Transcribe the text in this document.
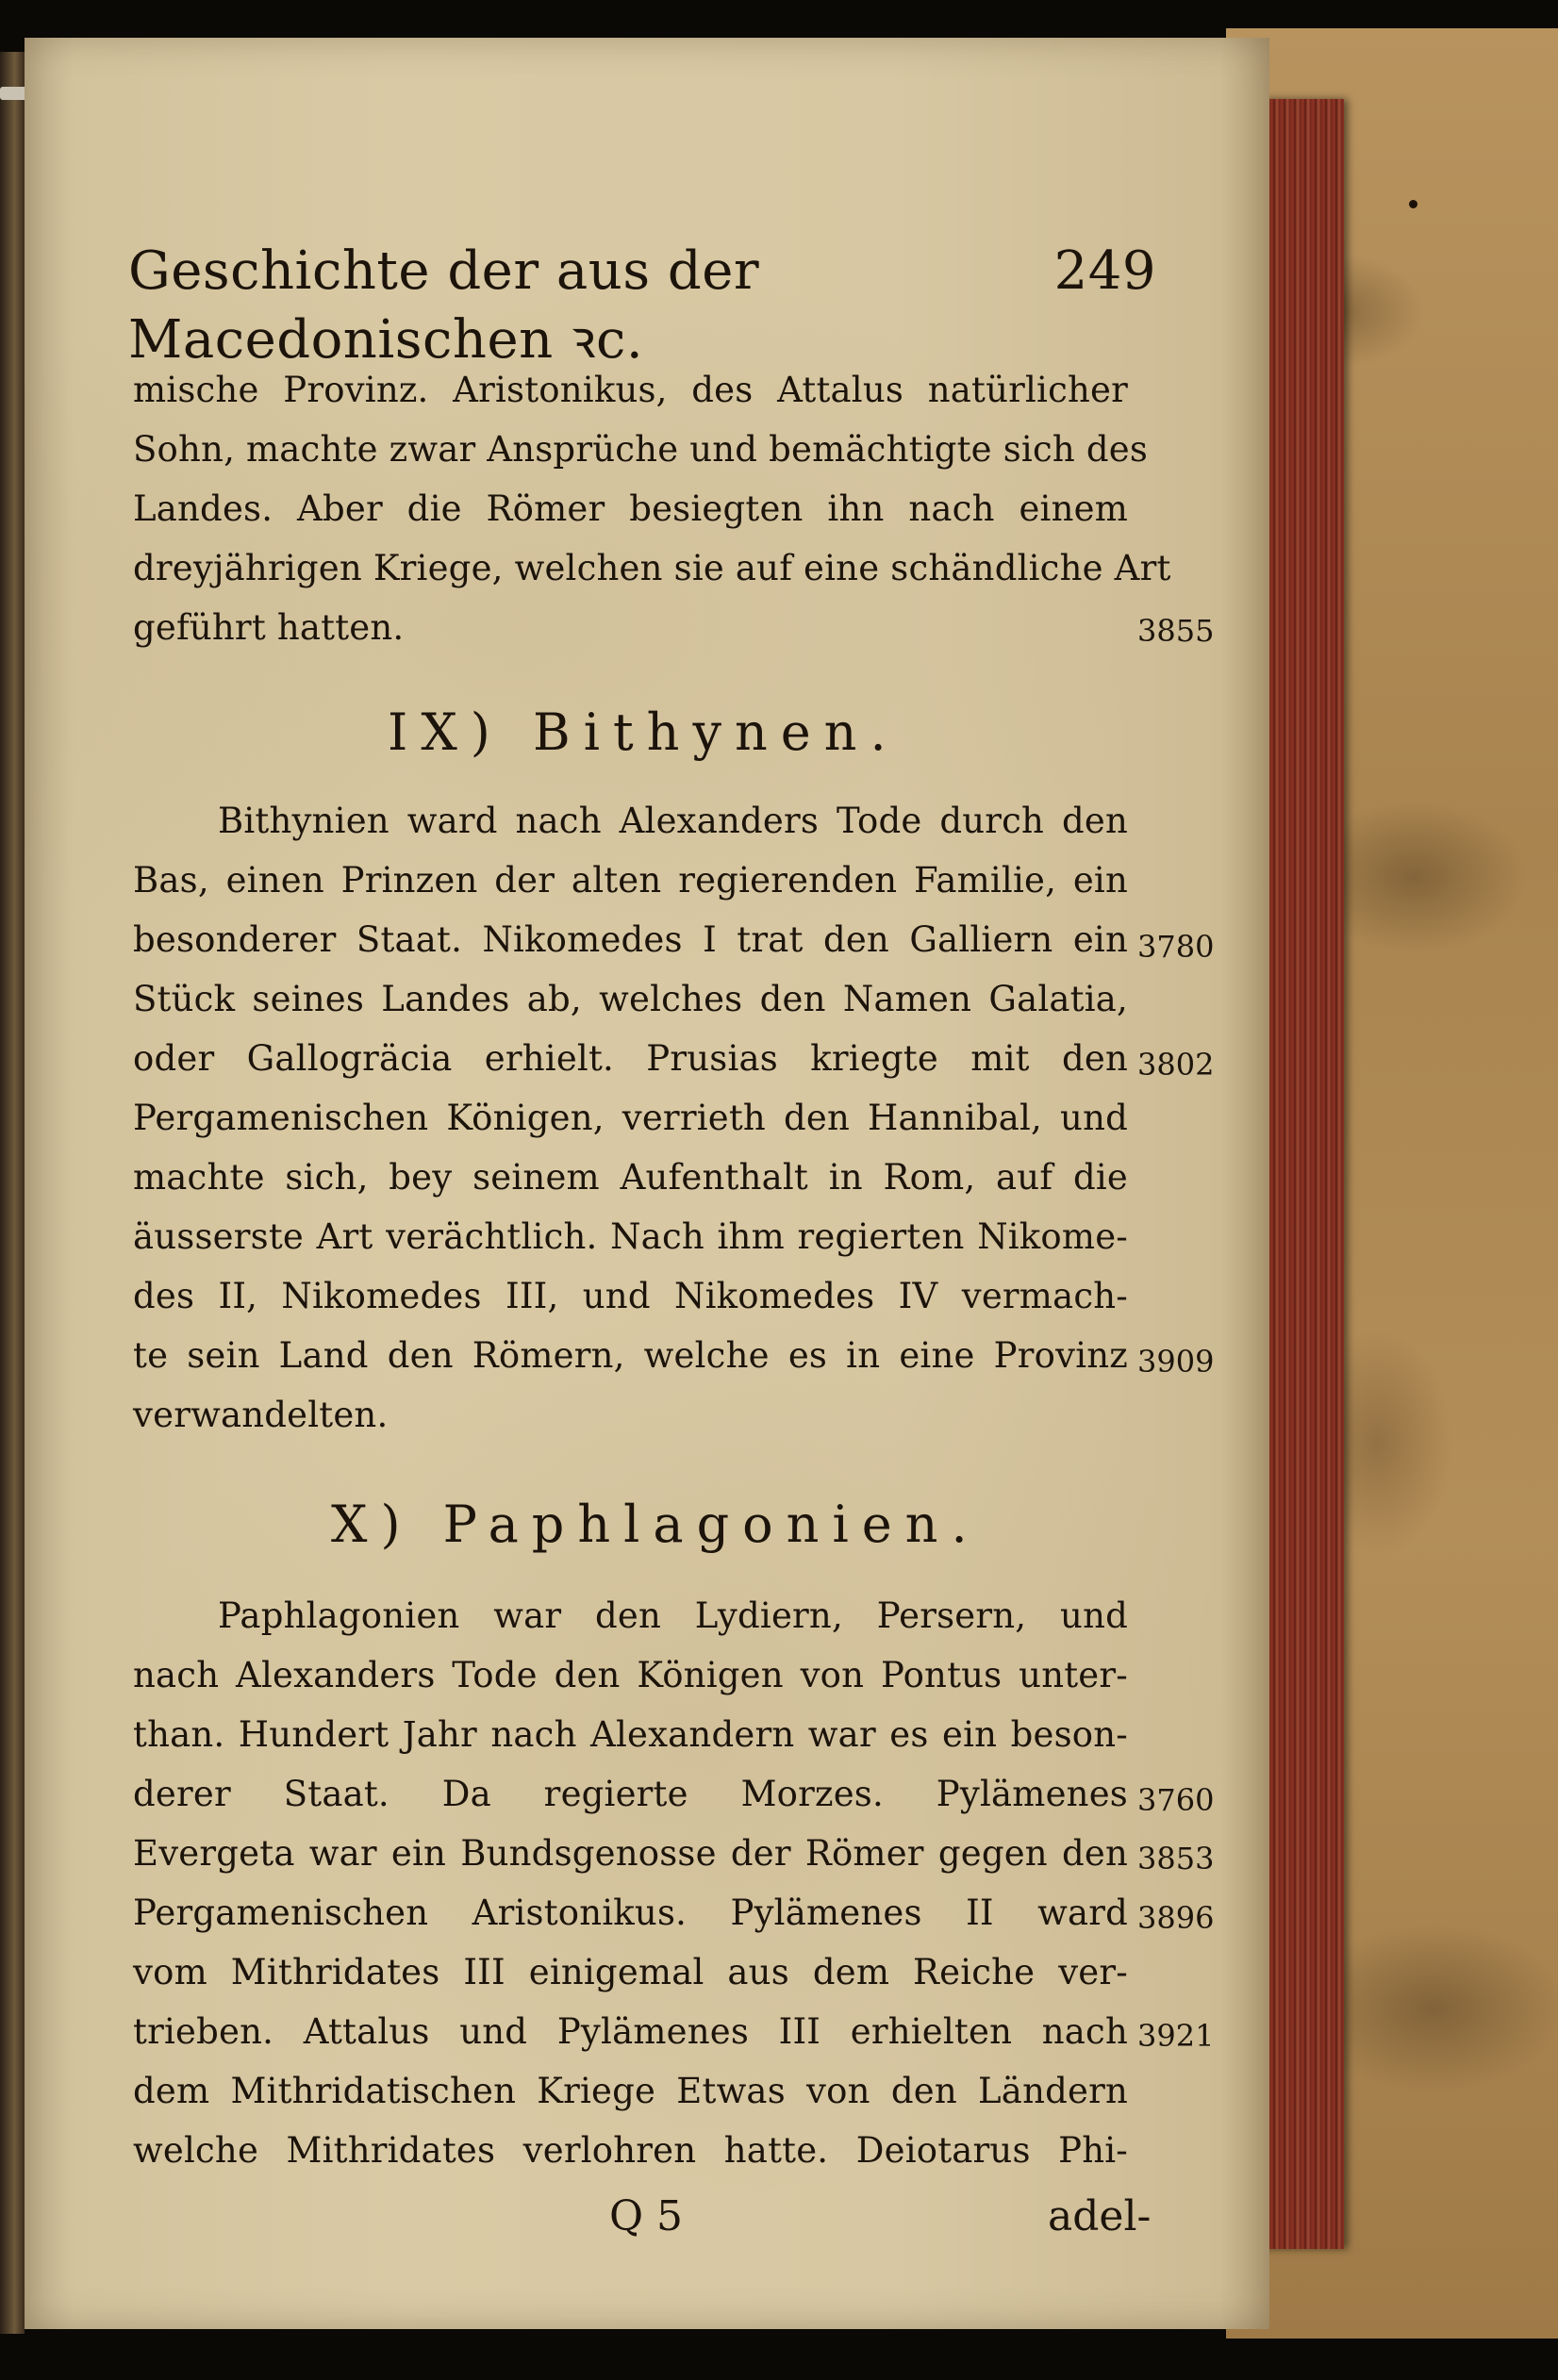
Geschichte der aus der Macedonischen ꝛc.
249
mische Provinz. Aristonikus, des Attalus natürlicher
Sohn, machte zwar Ansprüche und bemächtigte sich des
Landes. Aber die Römer besiegten ihn nach einem
dreyjährigen Kriege, welchen sie auf eine schändliche Art
geführt hatten.	3855
IX) Bithynen.
Bithynien ward nach Alexanders Tode durch den
Bas, einen Prinzen der alten regierenden Familie, ein
besonderer Staat. Nikomedes I trat den Galliern ein 3780
Stück seines Landes ab, welches den Namen Galatia,
oder Gallogräcia erhielt. Prusias kriegte mit den 3802
Pergamenischen Königen, verrieth den Hannibal, und
machte sich, bey seinem Aufenthalt in Rom, auf die
äusserste Art verächtlich. Nach ihm regierten Nikome-
des II, Nikomedes III, und Nikomedes IV vermach-
te sein Land den Römern, welche es in eine Provinz 3909
verwandelten.
X) Paphlagonien.
Paphlagonien war den Lydiern, Persern, und
nach Alexanders Tode den Königen von Pontus unter-
than. Hundert Jahr nach Alexandern war es ein beson-
derer Staat. Da regierte Morzes. Pylämenes 3760
Evergeta war ein Bundsgenosse der Römer gegen den 3853
Pergamenischen Aristonikus. Pylämenes II ward 3896
vom Mithridates III einigemal aus dem Reiche ver-
trieben. Attalus und Pylämenes III erhielten nach 3921
dem Mithridatischen Kriege Etwas von den Ländern
welche Mithridates verlohren hatte. Deiotarus Phi-
Q 5	adel-
